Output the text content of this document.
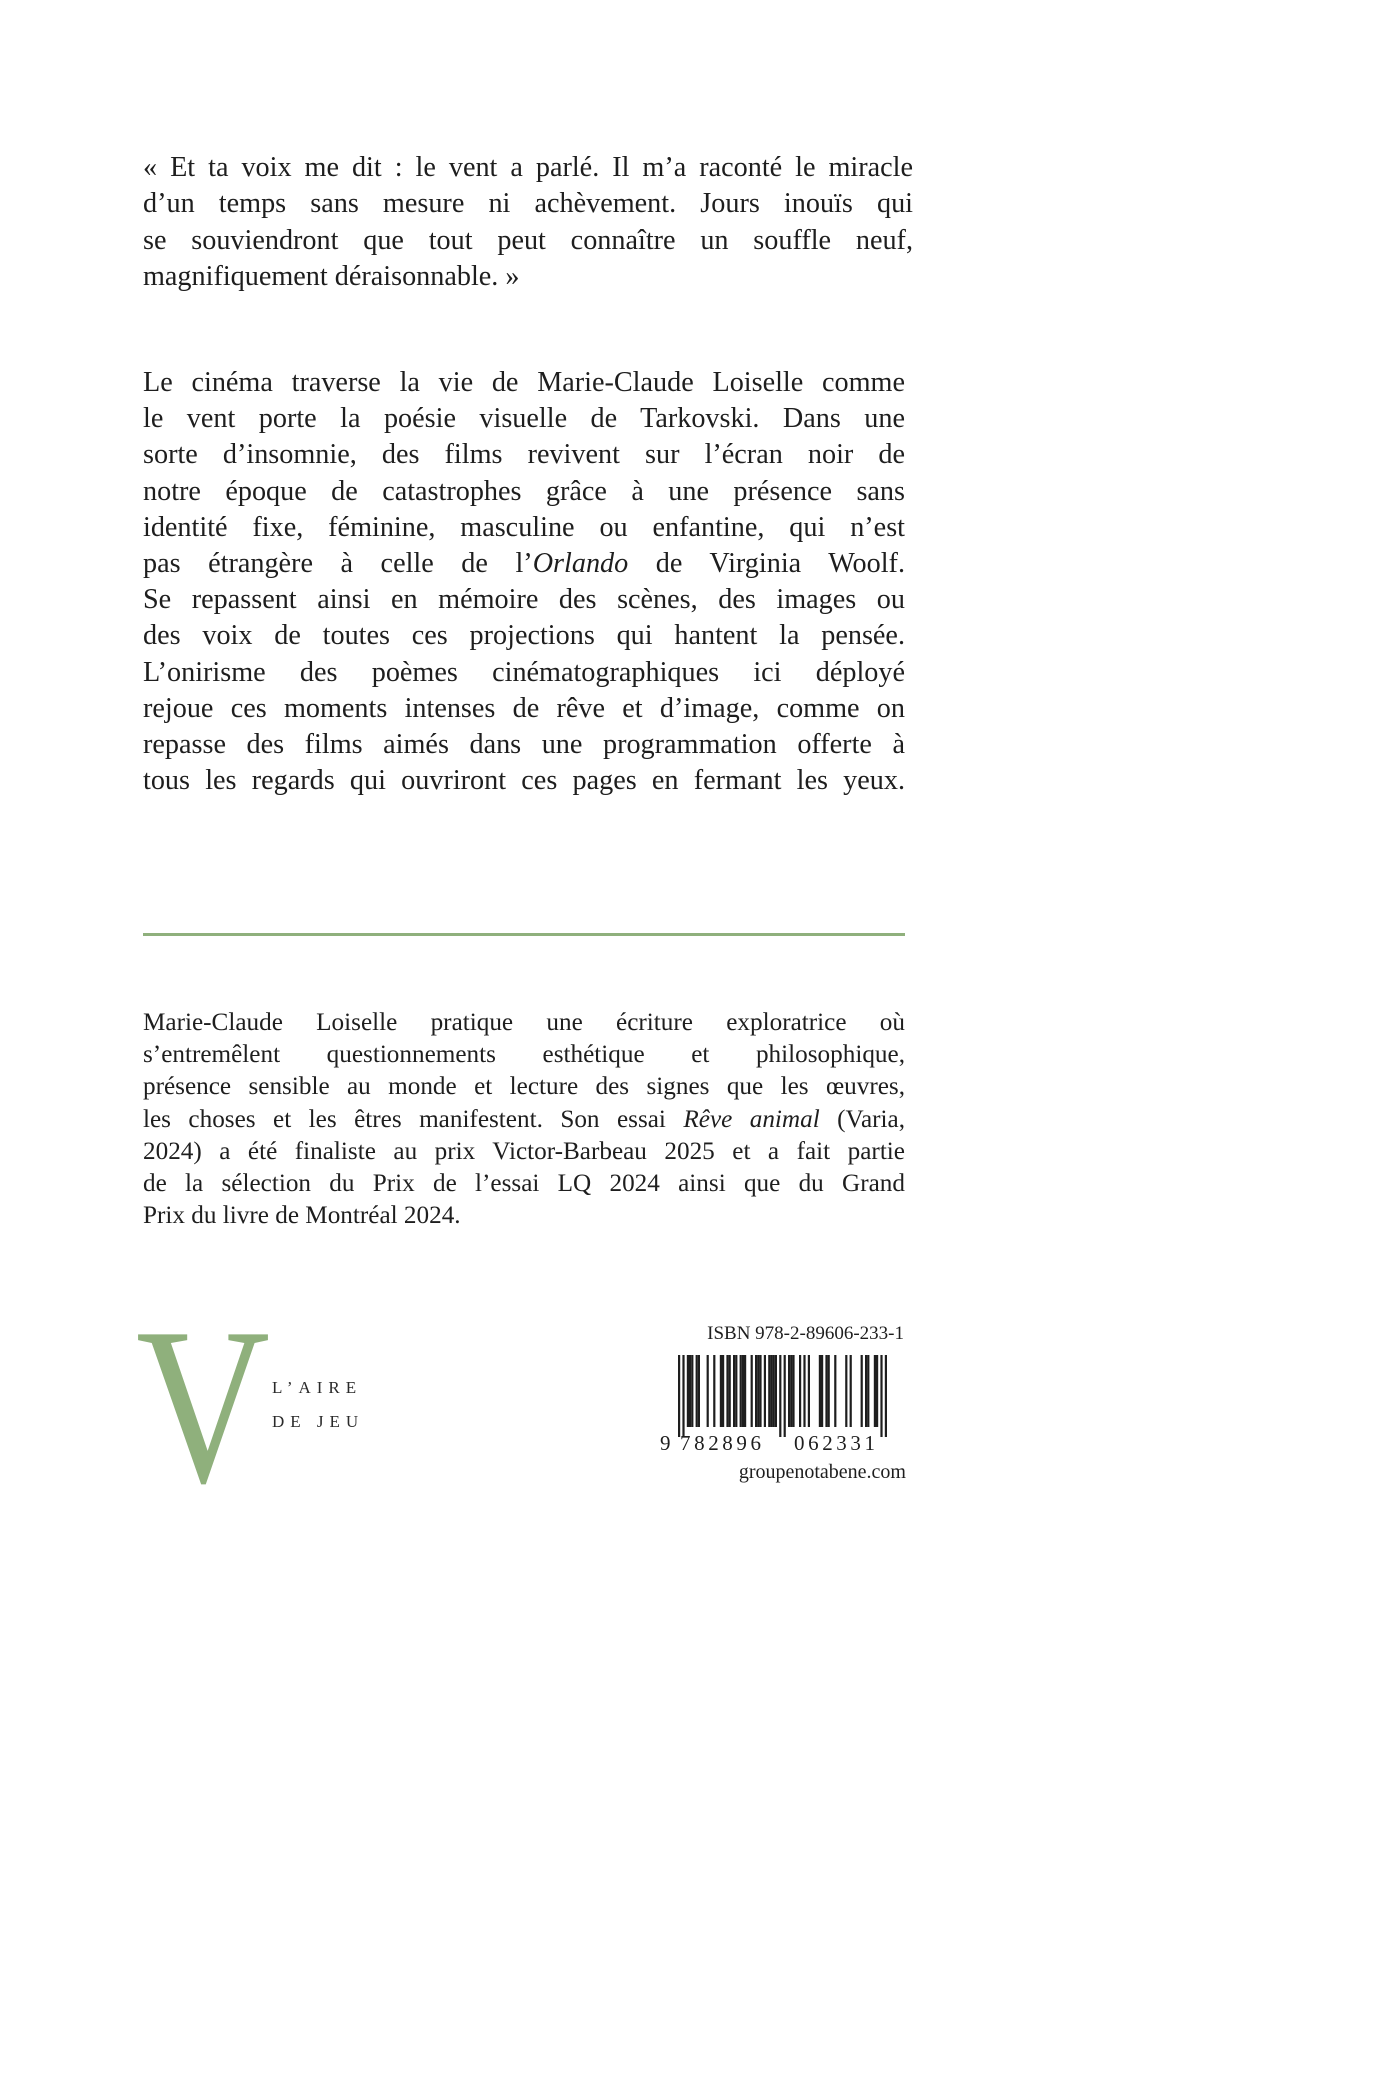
« Et ta voix me dit : le vent a parlé. Il m’a raconté le miracle
d’un temps sans mesure ni achèvement. Jours inouïs qui
se souviendront que tout peut connaître un souffle neuf,
magnifiquement déraisonnable. »
Le cinéma traverse la vie de Marie-Claude Loiselle comme
le vent porte la poésie visuelle de Tarkovski. Dans une
sorte d’insomnie, des films revivent sur l’écran noir de
notre époque de catastrophes grâce à une présence sans
identité fixe, féminine, masculine ou enfantine, qui n’est
pas étrangère à celle de l’Orlando de Virginia Woolf.
Se repassent ainsi en mémoire des scènes, des images ou
des voix de toutes ces projections qui hantent la pensée.
L’onirisme des poèmes cinématographiques ici déployé
rejoue ces moments intenses de rêve et d’image, comme on
repasse des films aimés dans une programmation offerte à
tous les regards qui ouvriront ces pages en fermant les yeux.
Marie-Claude Loiselle pratique une écriture exploratrice où
s’entremêlent questionnements esthétique et philosophique,
présence sensible au monde et lecture des signes que les œuvres,
les choses et les êtres manifestent. Son essai Rêve animal (Varia,
2024) a été finaliste au prix Victor-Barbeau 2025 et a fait partie
de la sélection du Prix de l’essai LQ 2024 ainsi que du Grand
Prix du livre de Montréal 2024.
V L’AIRE
DE JEU
ISBN 978-2-89606-233-1
9 782896 062331
groupenotabene.com
